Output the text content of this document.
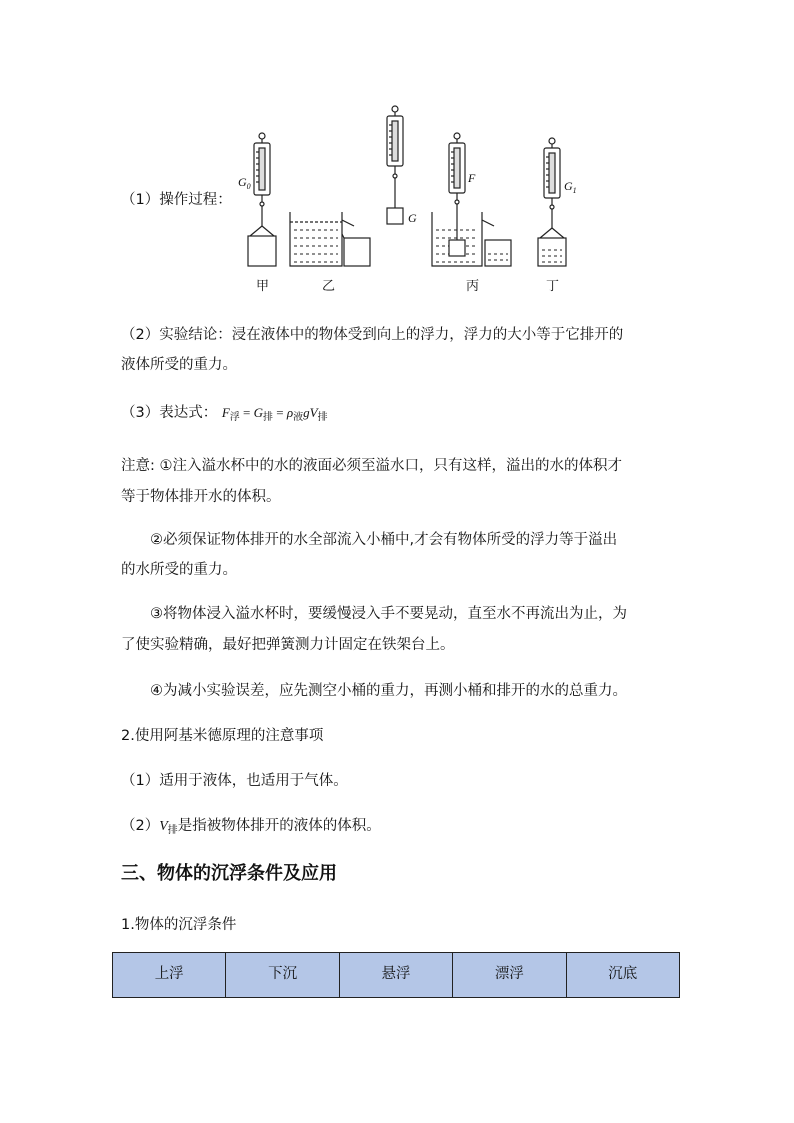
（1）操作过程：
$G_0$
G
F
$G_1$
甲	乙	丙	丁
（2）实验结论：浸在液体中的物体受到向上的浮力，浮力的大小等于它排开的
液体所受的重力。
（3）表达式： $F_浮 = G_排 = \rho_液gV_排$
注意: ①注入溢水杯中的水的液面必须至溢水口，只有这样，溢出的水的体积才
等于物体排开水的体积。
②必须保证物体排开的水全部流入小桶中,才会有物体所受的浮力等于溢出
的水所受的重力。
③将物体浸入溢水杯时，要缓慢浸入手不要晃动，直至水不再流出为止，为
了使实验精确，最好把弹簧测力计固定在铁架台上。
④为减小实验误差，应先测空小桶的重力，再测小桶和排开的水的总重力。
2.使用阿基米德原理的注意事项
（1）适用于液体，也适用于气体。
$(2)V_排$是指被物体排开的液体的体积。
三、物体的沉浮条件及应用
1.物体的沉浮条件
上浮	下沉	悬浮	漂浮	沉底
